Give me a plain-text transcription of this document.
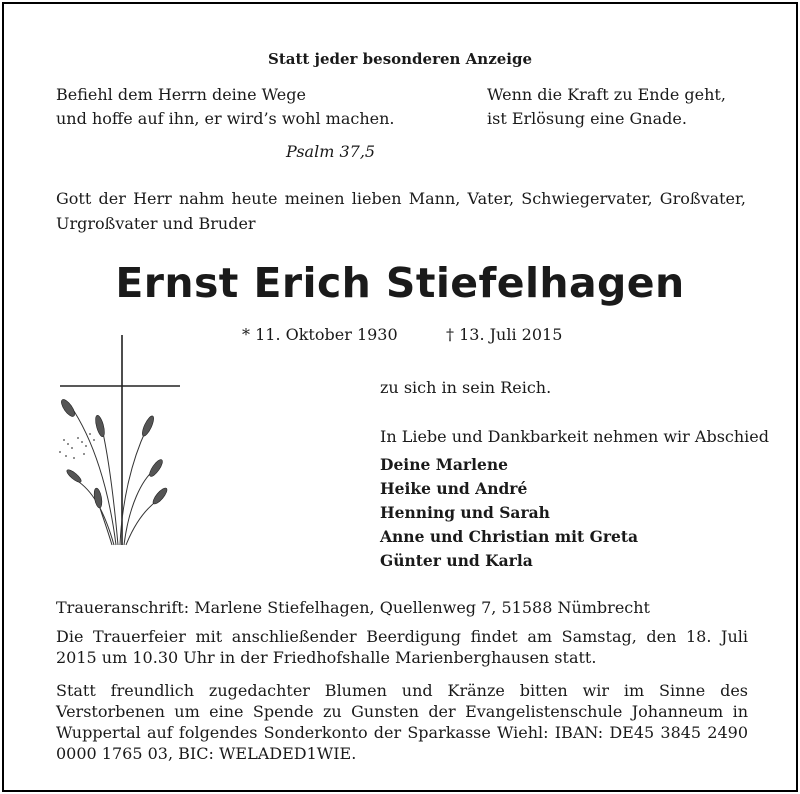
Statt jeder besonderen Anzeige
Befiehl dem Herrn deine Wege
und hoffe auf ihn, er wird’s wohl machen.
Wenn die Kraft zu Ende geht,
ist Erlösung eine Gnade.
Psalm 37,5
Gott der Herr nahm heute meinen lieben Mann, Vater, Schwiegervater, Großvater, Urgroßvater und Bruder
Ernst Erich Stiefelhagen
* 11. Oktober 1930	† 13. Juli 2015
zu sich in sein Reich.
In Liebe und Dankbarkeit nehmen wir Abschied
Deine Marlene
Heike und André
Henning und Sarah
Anne und Christian mit Greta
Günter und Karla
Traueranschrift: Marlene Stiefelhagen, Quellenweg 7, 51588 Nümbrecht
Die Trauerfeier mit anschließender Beerdigung findet am Samstag, den 18. Juli 2015 um 10.30 Uhr in der Friedhofshalle Marienberghausen statt.
Statt freundlich zugedachter Blumen und Kränze bitten wir im Sinne des Verstorbenen um eine Spende zu Gunsten der Evangelistenschule Johanneum in Wuppertal auf folgendes Sonderkonto der Sparkasse Wiehl: IBAN: DE45 3845 2490 0000 1765 03, BIC: WELADED1WIE.
